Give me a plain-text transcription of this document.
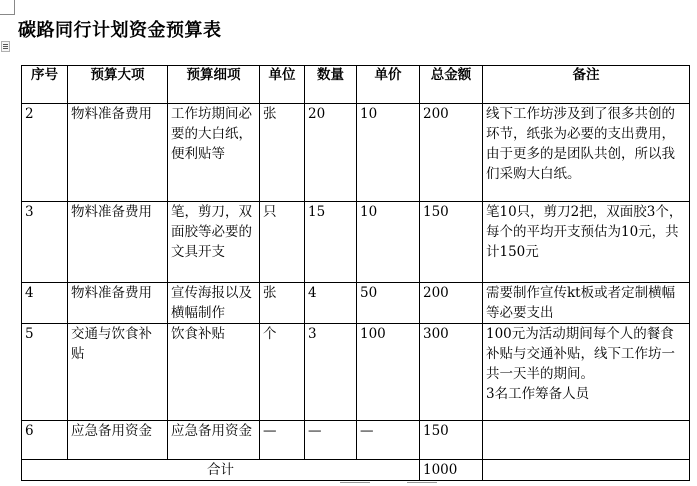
碳路同行计划资金预算表
序号	预算大项	预算细项	单位	数量	单价	总金额	备注
2	物料准备费用	工作坊期间必要的大白纸，便利贴等	张	20	10	200	线下工作坊涉及到了很多共创的环节，纸张为必要的支出费用，由于更多的是团队共创，所以我们采购大白纸。

3	物料准备费用	笔，剪刀，双面胶等必要的文具开支	只	15	10	150	笔10只，剪刀2把，双面胶3个，每个的平均开支预估为10元，共计150元

4	物料准备费用	宣传海报以及横幅制作	张	4	50	200	需要制作宣传kt板或者定制横幅等必要支出

5	交通与饮食补贴	饮食补贴	个	3	100	300	100元为活动期间每个人的餐食补贴与交通补贴，线下工作坊一共一天半的期间。
3名工作筹备人员

6	应急备用资金	应急备用资金	—	—	—	150	

合计						1000	
